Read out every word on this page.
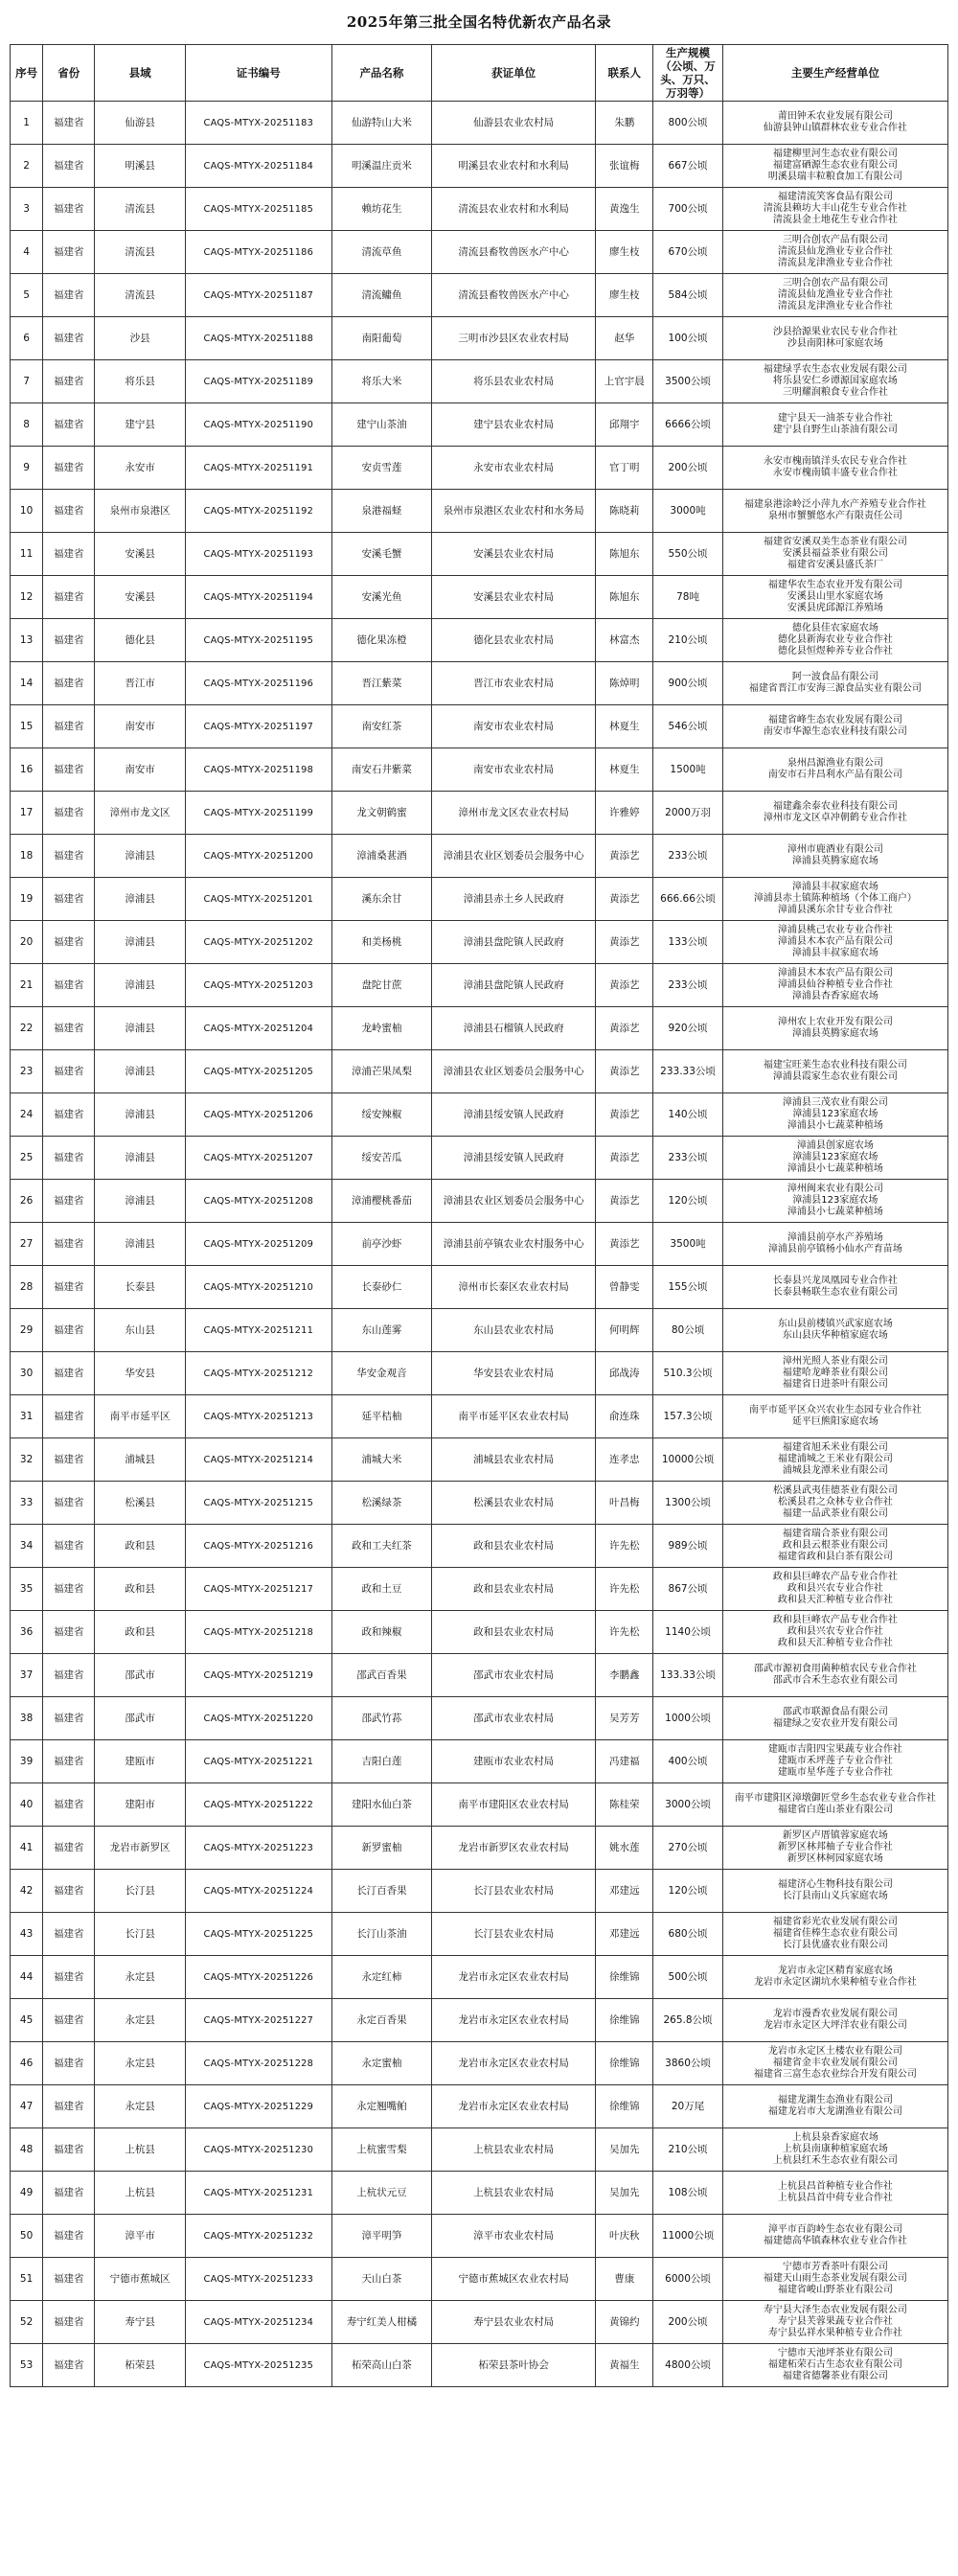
2025年第三批全国名特优新农产品名录
序号	省份	县域	证书编号	产品名称	获证单位	联系人	生产规模（公顷、万头、万只、万羽等）	主要生产经营单位
1	福建省	仙游县	CAQS-MTYX-20251183	仙游特山大米	仙游县农业农村局	朱鹏	800公顷	莆田钟禾农业发展有限公司
仙游县钟山镇群林农业专业合作社
2	福建省	明溪县	CAQS-MTYX-20251184	明溪温庄贡米	明溪县农业农村和水利局	张谊梅	667公顷	福建柳里河生态农业有限公司
福建富硒源生态农业有限公司
明溪县瑞丰粒粮食加工有限公司
3	福建省	清流县	CAQS-MTYX-20251185	赖坊花生	清流县农业农村和水利局	黄逸生	700公顷	福建清流笑客食品有限公司
清流县赖坊大丰山花生专业合作社
清流县金土地花生专业合作社
4	福建省	清流县	CAQS-MTYX-20251186	清流草鱼	清流县畜牧兽医水产中心	廖生枝	670公顷	三明合创农产品有限公司
清流县仙龙渔业专业合作社
清流县龙津渔业专业合作社
5	福建省	清流县	CAQS-MTYX-20251187	清流鳙鱼	清流县畜牧兽医水产中心	廖生枝	584公顷	三明合创农产品有限公司
清流县仙龙渔业专业合作社
清流县龙津渔业专业合作社
6	福建省	沙县	CAQS-MTYX-20251188	南阳葡萄	三明市沙县区农业农村局	赵华	100公顷	沙县拾源果业农民专业合作社
沙县南阳林可家庭农场
7	福建省	将乐县	CAQS-MTYX-20251189	将乐大米	将乐县农业农村局	上官宇晨	3500公顷	福建绿孚农生态农业发展有限公司
将乐县安仁乡谭源国家庭农场
三明耀润粮食专业合作社
8	福建省	建宁县	CAQS-MTYX-20251190	建宁山茶油	建宁县农业农村局	邱翔宇	6666公顷	建宁县天一油茶专业合作社
建宁县自野生山茶油有限公司
9	福建省	永安市	CAQS-MTYX-20251191	安贞雪莲	永安市农业农村局	官丁明	200公顷	永安市槐南镇洋头农民专业合作社
永安市槐南镇丰盛专业合作社
10	福建省	泉州市泉港区	CAQS-MTYX-20251192	泉港福蛏	泉州市泉港区农业农村和水务局	陈晓莉	3000吨	福建泉港涂岭泛小萍九水产养殖专业合作社
泉州市蟹蟹悠水产有限责任公司
11	福建省	安溪县	CAQS-MTYX-20251193	安溪毛蟹	安溪县农业农村局	陈旭东	550公顷	福建省安溪双美生态茶业有限公司
安溪县福益茶业有限公司
福建省安溪县盛氏茶厂
12	福建省	安溪县	CAQS-MTYX-20251194	安溪光鱼	安溪县农业农村局	陈旭东	78吨	福建华农生态农业开发有限公司
安溪县山里水家庭农场
安溪县虎邱源江养殖场
13	福建省	德化县	CAQS-MTYX-20251195	德化果冻橙	德化县农业农村局	林富杰	210公顷	德化县佳农家庭农场
德化县新海农业专业合作社
德化县恒煜种养专业合作社
14	福建省	晋江市	CAQS-MTYX-20251196	晋江紫菜	晋江市农业农村局	陈焯明	900公顷	阿一波食品有限公司
福建省晋江市安海三源食品实业有限公司
15	福建省	南安市	CAQS-MTYX-20251197	南安红茶	南安市农业农村局	林夏生	546公顷	福建省峰生态农业发展有限公司
南安市华源生态农业科技有限公司
16	福建省	南安市	CAQS-MTYX-20251198	南安石井紫菜	南安市农业农村局	林夏生	1500吨	泉州昌源渔业有限公司
南安市石井昌利水产品有限公司
17	福建省	漳州市龙文区	CAQS-MTYX-20251199	龙文朝鹤蜜	漳州市龙文区农业农村局	许雅婷	2000万羽	福建鑫余泰农业科技有限公司
漳州市龙文区卓冲朝鹤专业合作社
18	福建省	漳浦县	CAQS-MTYX-20251200	漳浦桑葚酒	漳浦县农业区划委员会服务中心	黄添艺	233公顷	漳州市鹿酒业有限公司
漳浦县英腾家庭农场
19	福建省	漳浦县	CAQS-MTYX-20251201	溪东余甘	漳浦县赤土乡人民政府	黄添艺	666.66公顷	漳浦县丰叔家庭农场
漳浦县赤土镇陈种植场（个体工商户）
漳浦县溪东余甘专业合作社
20	福建省	漳浦县	CAQS-MTYX-20251202	和美杨桃	漳浦县盘陀镇人民政府	黄添艺	133公顷	漳浦县桃己农业专业合作社
漳浦县木本农产品有限公司
漳浦县丰叔家庭农场
21	福建省	漳浦县	CAQS-MTYX-20251203	盘陀甘蔗	漳浦县盘陀镇人民政府	黄添艺	233公顷	漳浦县木本农产品有限公司
漳浦县仙谷种植专业合作社
漳浦县杏香家庭农场
22	福建省	漳浦县	CAQS-MTYX-20251204	龙岭蜜柚	漳浦县石榴镇人民政府	黄添艺	920公顷	漳州农上农业开发有限公司
漳浦县英腾家庭农场
23	福建省	漳浦县	CAQS-MTYX-20251205	漳浦芒果凤梨	漳浦县农业区划委员会服务中心	黄添艺	233.33公顷	福建宝旺莱生态农业科技有限公司
漳浦县霞家生态农业有限公司
24	福建省	漳浦县	CAQS-MTYX-20251206	绥安辣椒	漳浦县绥安镇人民政府	黄添艺	140公顷	漳浦县三茂农业有限公司
漳浦县123家庭农场
漳浦县小七蔬菜种植场
25	福建省	漳浦县	CAQS-MTYX-20251207	绥安苦瓜	漳浦县绥安镇人民政府	黄添艺	233公顷	漳浦县创家庭农场
漳浦县123家庭农场
漳浦县小七蔬菜种植场
26	福建省	漳浦县	CAQS-MTYX-20251208	漳浦樱桃番茄	漳浦县农业区划委员会服务中心	黄添艺	120公顷	漳州闽来农业有限公司
漳浦县123家庭农场
漳浦县小七蔬菜种植场
27	福建省	漳浦县	CAQS-MTYX-20251209	前亭沙虾	漳浦县前亭镇农业农村服务中心	黄添艺	3500吨	漳浦县前亭水产养殖场
漳浦县前亭镇杨小仙水产育苗场
28	福建省	长泰县	CAQS-MTYX-20251210	长泰砂仁	漳州市长泰区农业农村局	曾静雯	155公顷	长泰县兴龙凤凰园专业合作社
长泰县畅联生态农业有限公司
29	福建省	东山县	CAQS-MTYX-20251211	东山莲雾	东山县农业农村局	何明辉	80公顷	东山县前楼镇兴武家庭农场
东山县庆华种植家庭农场
30	福建省	华安县	CAQS-MTYX-20251212	华安金观音	华安县农业农村局	邱战涛	510.3公顷	漳州光照人茶业有限公司
福建哈龙峰茶业有限公司
福建省日进茶叶有限公司
31	福建省	南平市延平区	CAQS-MTYX-20251213	延平桔柚	南平市延平区农业农村局	俞连珠	157.3公顷	南平市延平区众兴农业生态园专业合作社
延平巨熊阳家庭农场
32	福建省	浦城县	CAQS-MTYX-20251214	浦城大米	浦城县农业农村局	连孝忠	10000公顷	福建省旭禾米业有限公司
福建浦城之王米业有限公司
浦城县龙潭米业有限公司
33	福建省	松溪县	CAQS-MTYX-20251215	松溪绿茶	松溪县农业农村局	叶昌梅	1300公顷	松溪县武夷佳德茶业有限公司
松溪县君之众林专业合作社
福建一品武茶业有限公司
34	福建省	政和县	CAQS-MTYX-20251216	政和工夫红茶	政和县农业农村局	许先松	989公顷	福建省瑞合茶业有限公司
政和县云根茶业有限公司
福建省政和县白茶有限公司
35	福建省	政和县	CAQS-MTYX-20251217	政和土豆	政和县农业农村局	许先松	867公顷	政和县巨峰农产品专业合作社
政和县兴农专业合作社
政和县天汇种植专业合作社
36	福建省	政和县	CAQS-MTYX-20251218	政和辣椒	政和县农业农村局	许先松	1140公顷	政和县巨峰农产品专业合作社
政和县兴农专业合作社
政和县天汇种植专业合作社
37	福建省	邵武市	CAQS-MTYX-20251219	邵武百香果	邵武市农业农村局	李鹏鑫	133.33公顷	邵武市源初食用菌种植农民专业合作社
邵武市合禾生态农业有限公司
38	福建省	邵武市	CAQS-MTYX-20251220	邵武竹荪	邵武市农业农村局	吴芳芳	1000公顷	邵武市联源食品有限公司
福建绿之安农业开发有限公司
39	福建省	建瓯市	CAQS-MTYX-20251221	吉阳白莲	建瓯市农业农村局	冯建福	400公顷	建瓯市吉阳四宝果蔬专业合作社
建瓯市禾坪莲子专业合作社
建瓯市星华莲子专业合作社
40	福建省	建阳市	CAQS-MTYX-20251222	建阳水仙白茶	南平市建阳区农业农村局	陈桂荣	3000公顷	南平市建阳区漳墩御匠堂乡生态农业专业合作社
福建省白莲山茶业有限公司
41	福建省	龙岩市新罗区	CAQS-MTYX-20251223	新罗蜜柚	龙岩市新罗区农业农村局	姚水莲	270公顷	新罗区卢厝镇蓉家庭农场
新罗区林邦柚子专业合作社
新罗区林柯园家庭农场
42	福建省	长汀县	CAQS-MTYX-20251224	长汀百香果	长汀县农业农村局	邓建远	120公顷	福建济心生物科技有限公司
长汀县南山义兵家庭农场
43	福建省	长汀县	CAQS-MTYX-20251225	长汀山茶油	长汀县农业农村局	邓建远	680公顷	福建省彩光农业发展有限公司
福建省佳棒生态农业有限公司
长汀县优盛农业有限公司
44	福建省	永定县	CAQS-MTYX-20251226	永定红柿	龙岩市永定区农业农村局	徐维锦	500公顷	龙岩市永定区精育家庭农场
龙岩市永定区湖坑水果种植专业合作社
45	福建省	永定县	CAQS-MTYX-20251227	永定百香果	龙岩市永定区农业农村局	徐维锦	265.8公顷	龙岩市漫香农业发展有限公司
龙岩市永定区大坪洋农业有限公司
46	福建省	永定县	CAQS-MTYX-20251228	永定蜜柚	龙岩市永定区农业农村局	徐维锦	3860公顷	龙岩市永定区土楼农业有限公司
福建省金丰农业发展有限公司
福建省三富生态农业综合开发有限公司
47	福建省	永定县	CAQS-MTYX-20251229	永定翘嘴鲌	龙岩市永定区农业农村局	徐维锦	20万尾	福建龙湖生态渔业有限公司
福建龙岩市大龙湖渔业有限公司
48	福建省	上杭县	CAQS-MTYX-20251230	上杭蜜雪梨	上杭县农业农村局	吴加先	210公顷	上杭县泉香家庭农场
上杭县南康种植家庭农场
上杭县红禾生态农业有限公司
49	福建省	上杭县	CAQS-MTYX-20251231	上杭状元豆	上杭县农业农村局	吴加先	108公顷	上杭县昌首种植专业合作社
上杭县昌首中荷专业合作社
50	福建省	漳平市	CAQS-MTYX-20251232	漳平明笋	漳平市农业农村局	叶庆秋	11000公顷	漳平市百韵岭生态农业有限公司
福建德高华镇森林农业专业合作社
51	福建省	宁德市蕉城区	CAQS-MTYX-20251233	天山白茶	宁德市蕉城区农业农村局	曹康	6000公顷	宁德市芳香茶叶有限公司
福建天山雨生态茶业发展有限公司
福建省峻山野茶业有限公司
52	福建省	寿宁县	CAQS-MTYX-20251234	寿宁红美人柑橘	寿宁县农业农村局	黄锦约	200公顷	寿宁县大泽生态农业发展有限公司
寿宁县芙蓉果蔬专业合作社
寿宁县弘祥水果种植专业合作社
53	福建省	柘荣县	CAQS-MTYX-20251235	柘荣高山白茶	柘荣县茶叶协会	黄福生	4800公顷	宁德市天池坪茶业有限公司
福建柘荣石古生态农业有限公司
福建省德馨茶业有限公司
